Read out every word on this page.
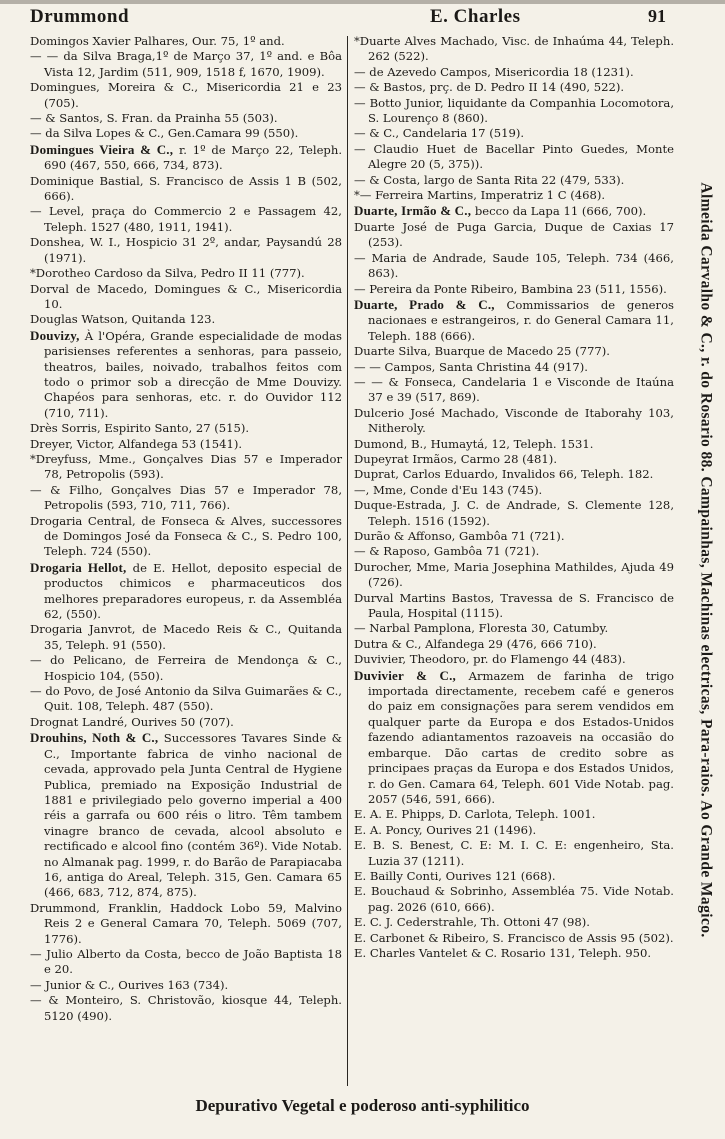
Drummond	E. Charles	91

Domingos Xavier Palhares, Our. 75, 1º and.

— — da Silva Braga,1º de Março 37, 1º and. e Bôa Vista 12, Jardim (511, 909, 1518 f, 1670, 1909).

Domingues, Moreira & C., Misericordia 21 e 23 (705).

— & Santos, S. Fran. da Prainha 55 (503).

— da Silva Lopes & C., Gen.Camara 99 (550).

Domingues Vieira & C., r. 1º de Março 22, Teleph. 690 (467, 550, 666, 734, 873).

Dominique Bastial, S. Francisco de Assis 1 B (502, 666).

— Level, praça do Commercio 2 e Passagem 42, Teleph. 1527 (480, 1911, 1941).

Donshea, W. I., Hospicio 31 2º, andar, Paysandú 28 (1971).

*Dorotheo Cardoso da Silva, Pedro II 11 (777).

Dorval de Macedo, Domingues & C., Misericordia 10.

Douglas Watson, Quitanda 123.

Douvizy, À l'Opéra, Grande especialidade de modas parisienses referentes a senhoras, para passeio, theatros, bailes, noivado, trabalhos feitos com todo o primor sob a direcção de Mme Douvizy. Chapéos para senhoras, etc. r. do Ouvidor 112 (710, 711).

Drès Sorris, Espirito Santo, 27 (515).

Dreyer, Victor, Alfandega 53 (1541).

*Dreyfuss, Mme., Gonçalves Dias 57 e Imperador 78, Petropolis (593).

— & Filho, Gonçalves Dias 57 e Imperador 78, Petropolis (593, 710, 711, 766).

Drogaria Central, de Fonseca & Alves, successores de Domingos José da Fonseca & C., S. Pedro 100, Teleph. 724 (550).

Drogaria Hellot, de E. Hellot, deposito especial de productos chimicos e pharmaceuticos dos melhores preparadores europeus, r. da Assembléa 62, (550).

Drogaria Janvrot, de Macedo Reis & C., Quitanda 35, Teleph. 91 (550).

— do Pelicano, de Ferreira de Mendonça & C., Hospicio 104, (550).

— do Povo, de José Antonio da Silva Guimarães & C., Quit. 108, Teleph. 487 (550).

Drognat Landré, Ourives 50 (707).

Drouhins, Noth & C., Successores Tavares Sinde & C., Importante fabrica de vinho nacional de cevada, approvado pela Junta Central de Hygiene Publica, premiado na Exposição Industrial de 1881 e privilegiado pelo governo imperial a 400 réis a garrafa ou 600 réis o litro. Têm tambem vinagre branco de cevada, alcool absoluto e rectificado e alcool fino (contém 36º). Vide Notab. no Almanak pag. 1999, r. do Barão de Parapiacaba 16, antiga do Areal, Teleph. 315, Gen. Camara 65 (466, 683, 712, 874, 875).

Drummond, Franklin, Haddock Lobo 59, Malvino Reis 2 e General Camara 70, Teleph. 5069 (707, 1776).

— Julio Alberto da Costa, becco de João Baptista 18 e 20.

— Junior & C., Ourives 163 (734).

— & Monteiro, S. Christovão, kiosque 44, Teleph. 5120 (490).

*Duarte Alves Machado, Visc. de Inhaúma 44, Teleph. 262 (522).

— de Azevedo Campos, Misericordia 18 (1231).

— & Bastos, prç. de D. Pedro II 14 (490, 522).

— Botto Junior, liquidante da Companhia Locomotora, S. Lourenço 8 (860).

— & C., Candelaria 17 (519).

— Claudio Huet de Bacellar Pinto Guedes, Monte Alegre 20 (5, 375)).

— & Costa, largo de Santa Rita 22 (479, 533).

*— Ferreira Martins, Imperatriz 1 C (468).

Duarte, Irmão & C., becco da Lapa 11 (666, 700).

Duarte José de Puga Garcia, Duque de Caxias 17 (253).

— Maria de Andrade, Saude 105, Teleph. 734 (466, 863).

— Pereira da Ponte Ribeiro, Bambina 23 (511, 1556).

Duarte, Prado & C., Commissarios de generos nacionaes e estrangeiros, r. do General Camara 11, Teleph. 188 (666).

Duarte Silva, Buarque de Macedo 25 (777).

— — Campos, Santa Christina 44 (917).

— — & Fonseca, Candelaria 1 e Visconde de Itaúna 37 e 39 (517, 869).

Dulcerio José Machado, Visconde de Itaborahy 103, Nitheroly.

Dumond, B., Humaytá, 12, Teleph. 1531.

Dupeyrat Irmãos, Carmo 28 (481).

Duprat, Carlos Eduardo, Invalidos 66, Teleph. 182.

—, Mme, Conde d'Eu 143 (745).

Duque-Estrada, J. C. de Andrade, S. Clemente 128, Teleph. 1516 (1592).

Durão & Affonso, Gambôa 71 (721).

— & Raposo, Gambôa 71 (721).

Durocher, Mme, Maria Josephina Mathildes, Ajuda 49 (726).

Durval Martins Bastos, Travessa de S. Francisco de Paula, Hospital (1115).

— Narbal Pamplona, Floresta 30, Catumby.

Dutra & C., Alfandega 29 (476, 666 710).

Duvivier, Theodoro, pr. do Flamengo 44 (483).

Duvivier & C., Armazem de farinha de trigo importada directamente, recebem café e generos do paiz em consignações para serem vendidos em qualquer parte da Europa e dos Estados-Unidos fazendo adiantamentos razoaveis na occasião do embarque. Dão cartas de credito sobre as principaes praças da Europa e dos Estados Unidos, r. do Gen. Camara 64, Teleph. 601 Vide Notab. pag. 2057 (546, 591, 666).

E. A. E. Phipps, D. Carlota, Teleph. 1001.

E. A. Poncy, Ourives 21 (1496).

E. B. S. Benest, C. E: M. I. C. E: engenheiro, Sta. Luzia 37 (1211).

E. Bailly Conti, Ourives 121 (668).

E. Bouchaud & Sobrinho, Assembléa 75. Vide Notab. pag. 2026 (610, 666).

E. C. J. Cederstrahle, Th. Ottoni 47 (98).

E. Carbonet & Ribeiro, S. Francisco de Assis 95 (502).

E. Charles Vantelet & C. Rosario 131, Teleph. 950.

Almeida Carvalho & C., r. do Rosario 88. Campainhas, Machinas electricas, Para-raios. Ao Grande Magico.
Depurativo Vegetal e poderoso anti-syphilitico
